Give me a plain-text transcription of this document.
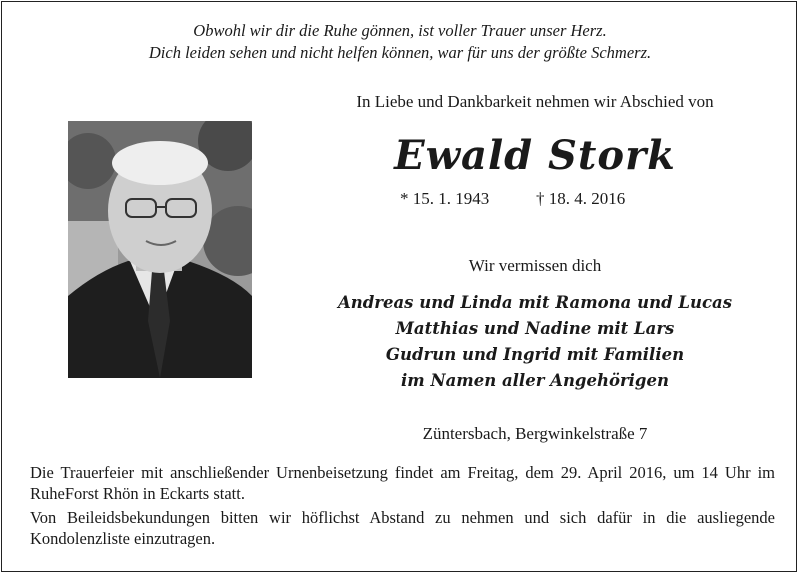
Obwohl wir dir die Ruhe gönnen, ist voller Trauer unser Herz.
Dich leiden sehen und nicht helfen können, war für uns der größte Schmerz.
In Liebe und Dankbarkeit nehmen wir Abschied von
Ewald Stork
* 15. 1. 1943	† 18. 4. 2016
Wir vermissen dich
Andreas und Linda mit Ramona und Lucas
Matthias und Nadine mit Lars
Gudrun und Ingrid mit Familien
im Namen aller Angehörigen
Züntersbach, Bergwinkelstraße 7

Die Trauerfeier mit anschließender Urnenbeisetzung findet am Freitag, dem 29. April 2016, um 14 Uhr im RuheForst Rhön in Eckarts statt.

Von Beileidsbekundungen bitten wir höflichst Abstand zu nehmen und sich dafür in die ausliegende Kondolenzliste einzutragen.
